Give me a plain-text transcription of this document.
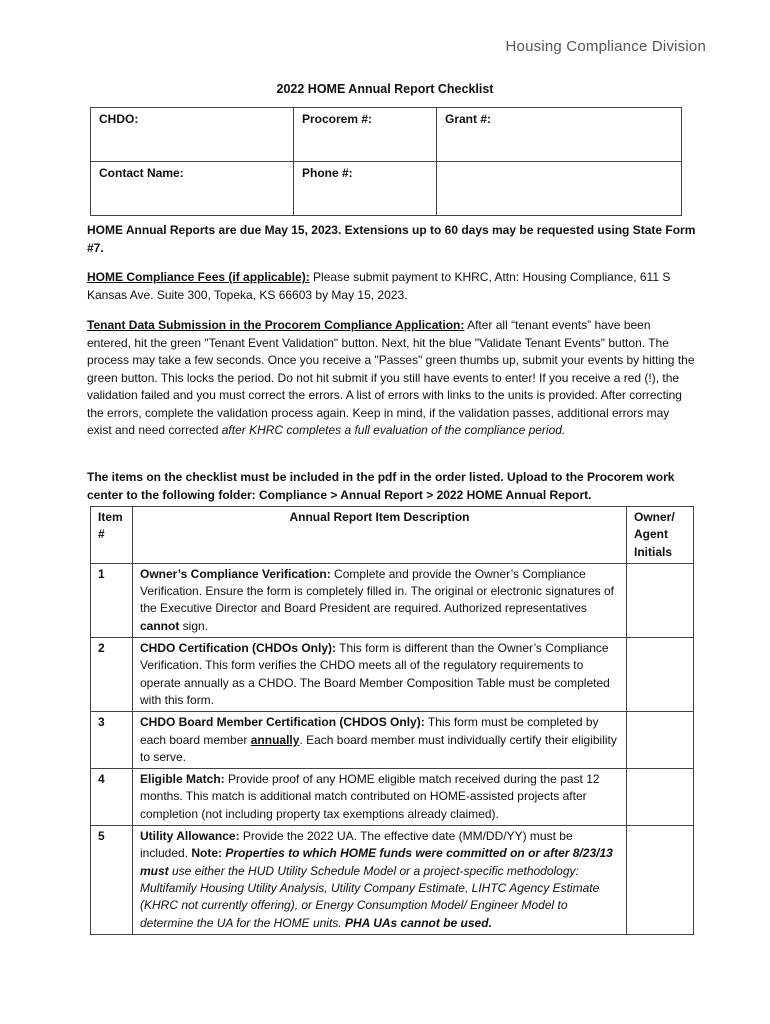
Housing Compliance Division
2022 HOME Annual Report Checklist
CHDO:	Procorem #:	Grant #:
Contact Name:	Phone #:	
HOME Annual Reports are due May 15, 2023. Extensions up to 60 days may be requested using State Form #7.
HOME Compliance Fees (if applicable): Please submit payment to KHRC, Attn: Housing Compliance, 611 S Kansas Ave. Suite 300, Topeka, KS 66603 by May 15, 2023.
Tenant Data Submission in the Procorem Compliance Application: After all “tenant events” have been entered, hit the green "Tenant Event Validation" button. Next, hit the blue "Validate Tenant Events" button. The process may take a few seconds. Once you receive a "Passes" green thumbs up, submit your events by hitting the green button. This locks the period. Do not hit submit if you still have events to enter! If you receive a red (!), the validation failed and you must correct the errors. A list of errors with links to the units is provided. After correcting the errors, complete the validation process again. Keep in mind, if the validation passes, additional errors may exist and need corrected after KHRC completes a full evaluation of the compliance period.
The items on the checklist must be included in the pdf in the order listed. Upload to the Procorem work center to the following folder: Compliance > Annual Report > 2022 HOME Annual Report.
Item #	Annual Report Item Description	Owner/ Agent Initials
1	Owner’s Compliance Verification: Complete and provide the Owner’s Compliance Verification. Ensure the form is completely filled in. The original or electronic signatures of the Executive Director and Board President are required. Authorized representatives cannot sign.	
2	CHDO Certification (CHDOs Only): This form is different than the Owner’s Compliance Verification. This form verifies the CHDO meets all of the regulatory requirements to operate annually as a CHDO. The Board Member Composition Table must be completed with this form.	
3	CHDO Board Member Certification (CHDOS Only): This form must be completed by each board member annually. Each board member must individually certify their eligibility to serve.	
4	Eligible Match: Provide proof of any HOME eligible match received during the past 12 months. This match is additional match contributed on HOME-assisted projects after completion (not including property tax exemptions already claimed).	
5	Utility Allowance: Provide the 2022 UA. The effective date (MM/DD/YY) must be included. Note: Properties to which HOME funds were committed on or after 8/23/13 must use either the HUD Utility Schedule Model or a project-specific methodology: Multifamily Housing Utility Analysis, Utility Company Estimate, LIHTC Agency Estimate (KHRC not currently offering), or Energy Consumption Model/ Engineer Model to determine the UA for the HOME units. PHA UAs cannot be used.	
